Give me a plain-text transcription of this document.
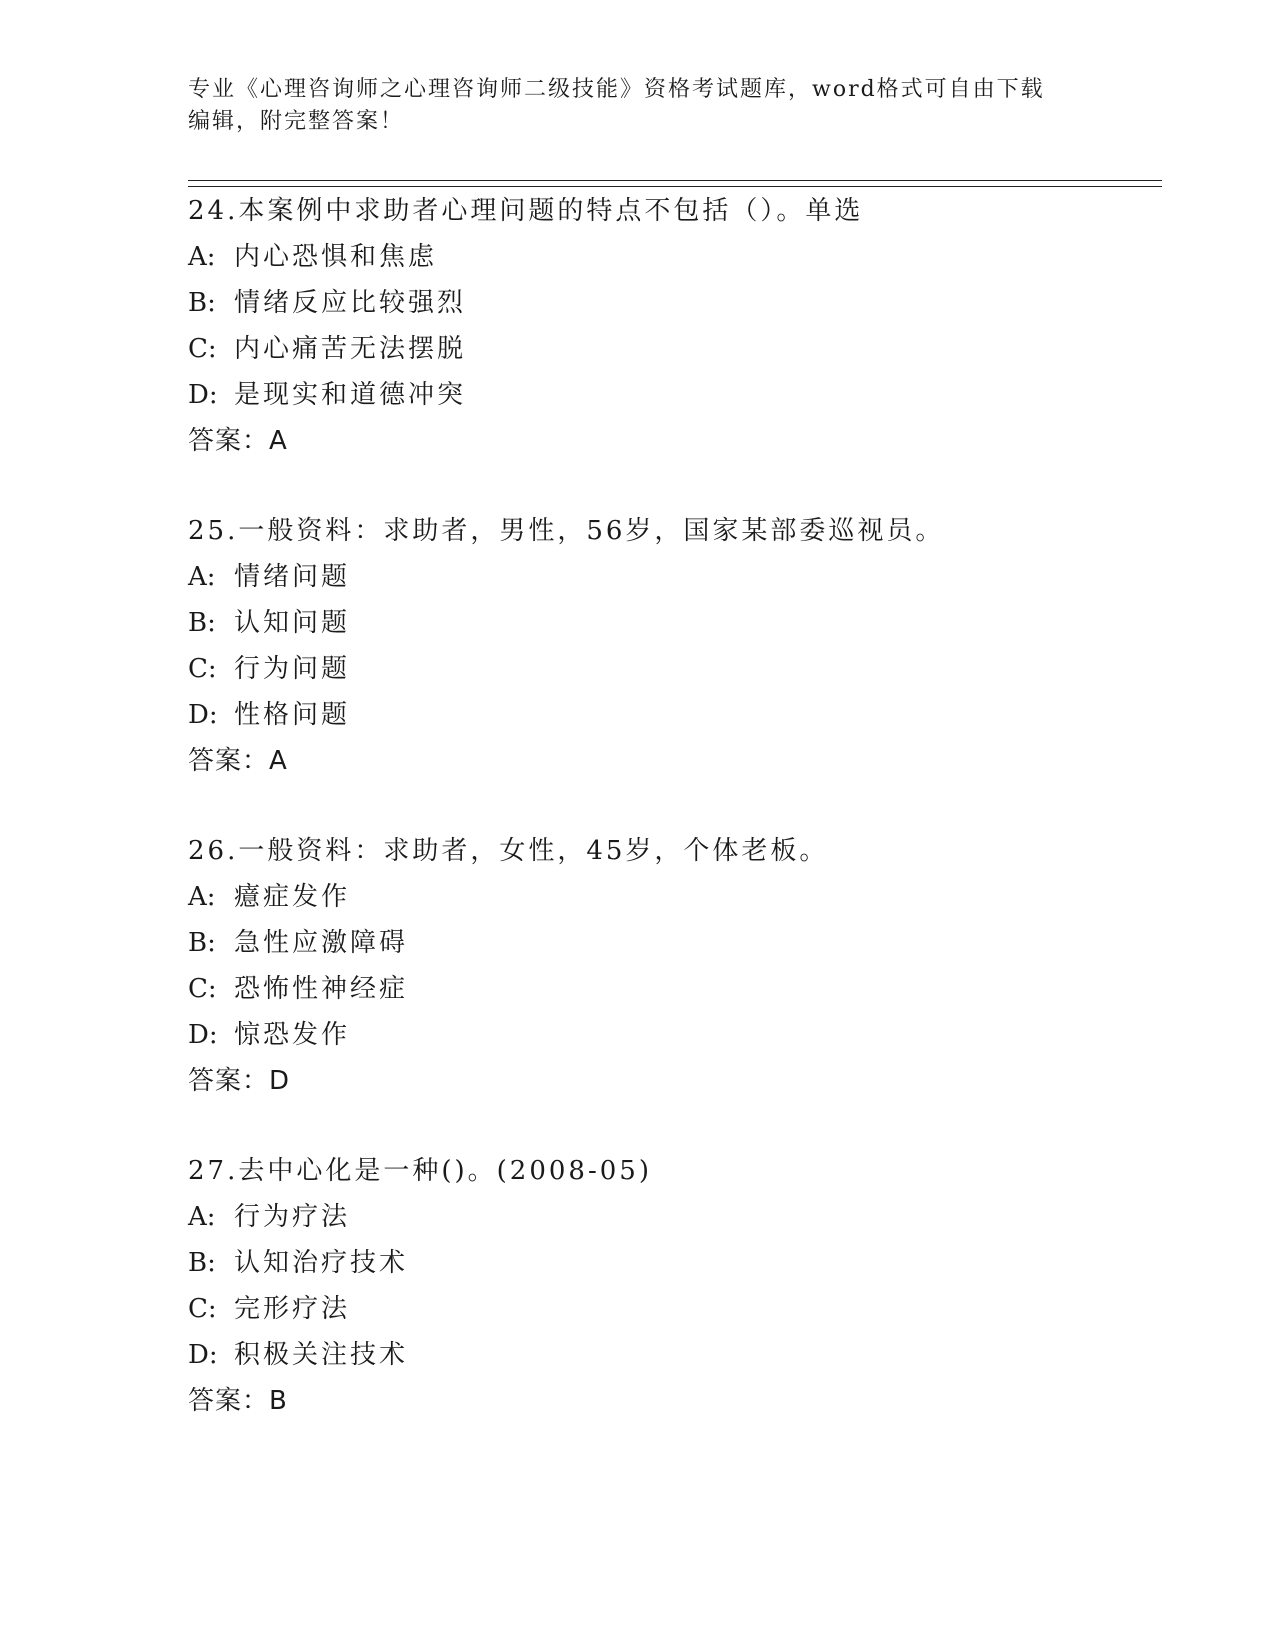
专业《心理咨询师之心理咨询师二级技能》资格考试题库，word格式可自由下载
编辑，附完整答案！
24.本案例中求助者心理问题的特点不包括（）。单选
A: 内心恐惧和焦虑
B: 情绪反应比较强烈
C: 内心痛苦无法摆脱
D: 是现实和道德冲突
答案：A
25.一般资料：求助者，男性，56岁，国家某部委巡视员。
A: 情绪问题
B: 认知问题
C: 行为问题
D: 性格问题
答案：A
26.一般资料：求助者，女性，45岁，个体老板。
A: 癔症发作
B: 急性应激障碍
C: 恐怖性神经症
D: 惊恐发作
答案：D
27.去中心化是一种()。(2008-05)
A: 行为疗法
B: 认知治疗技术
C: 完形疗法
D: 积极关注技术
答案：B
